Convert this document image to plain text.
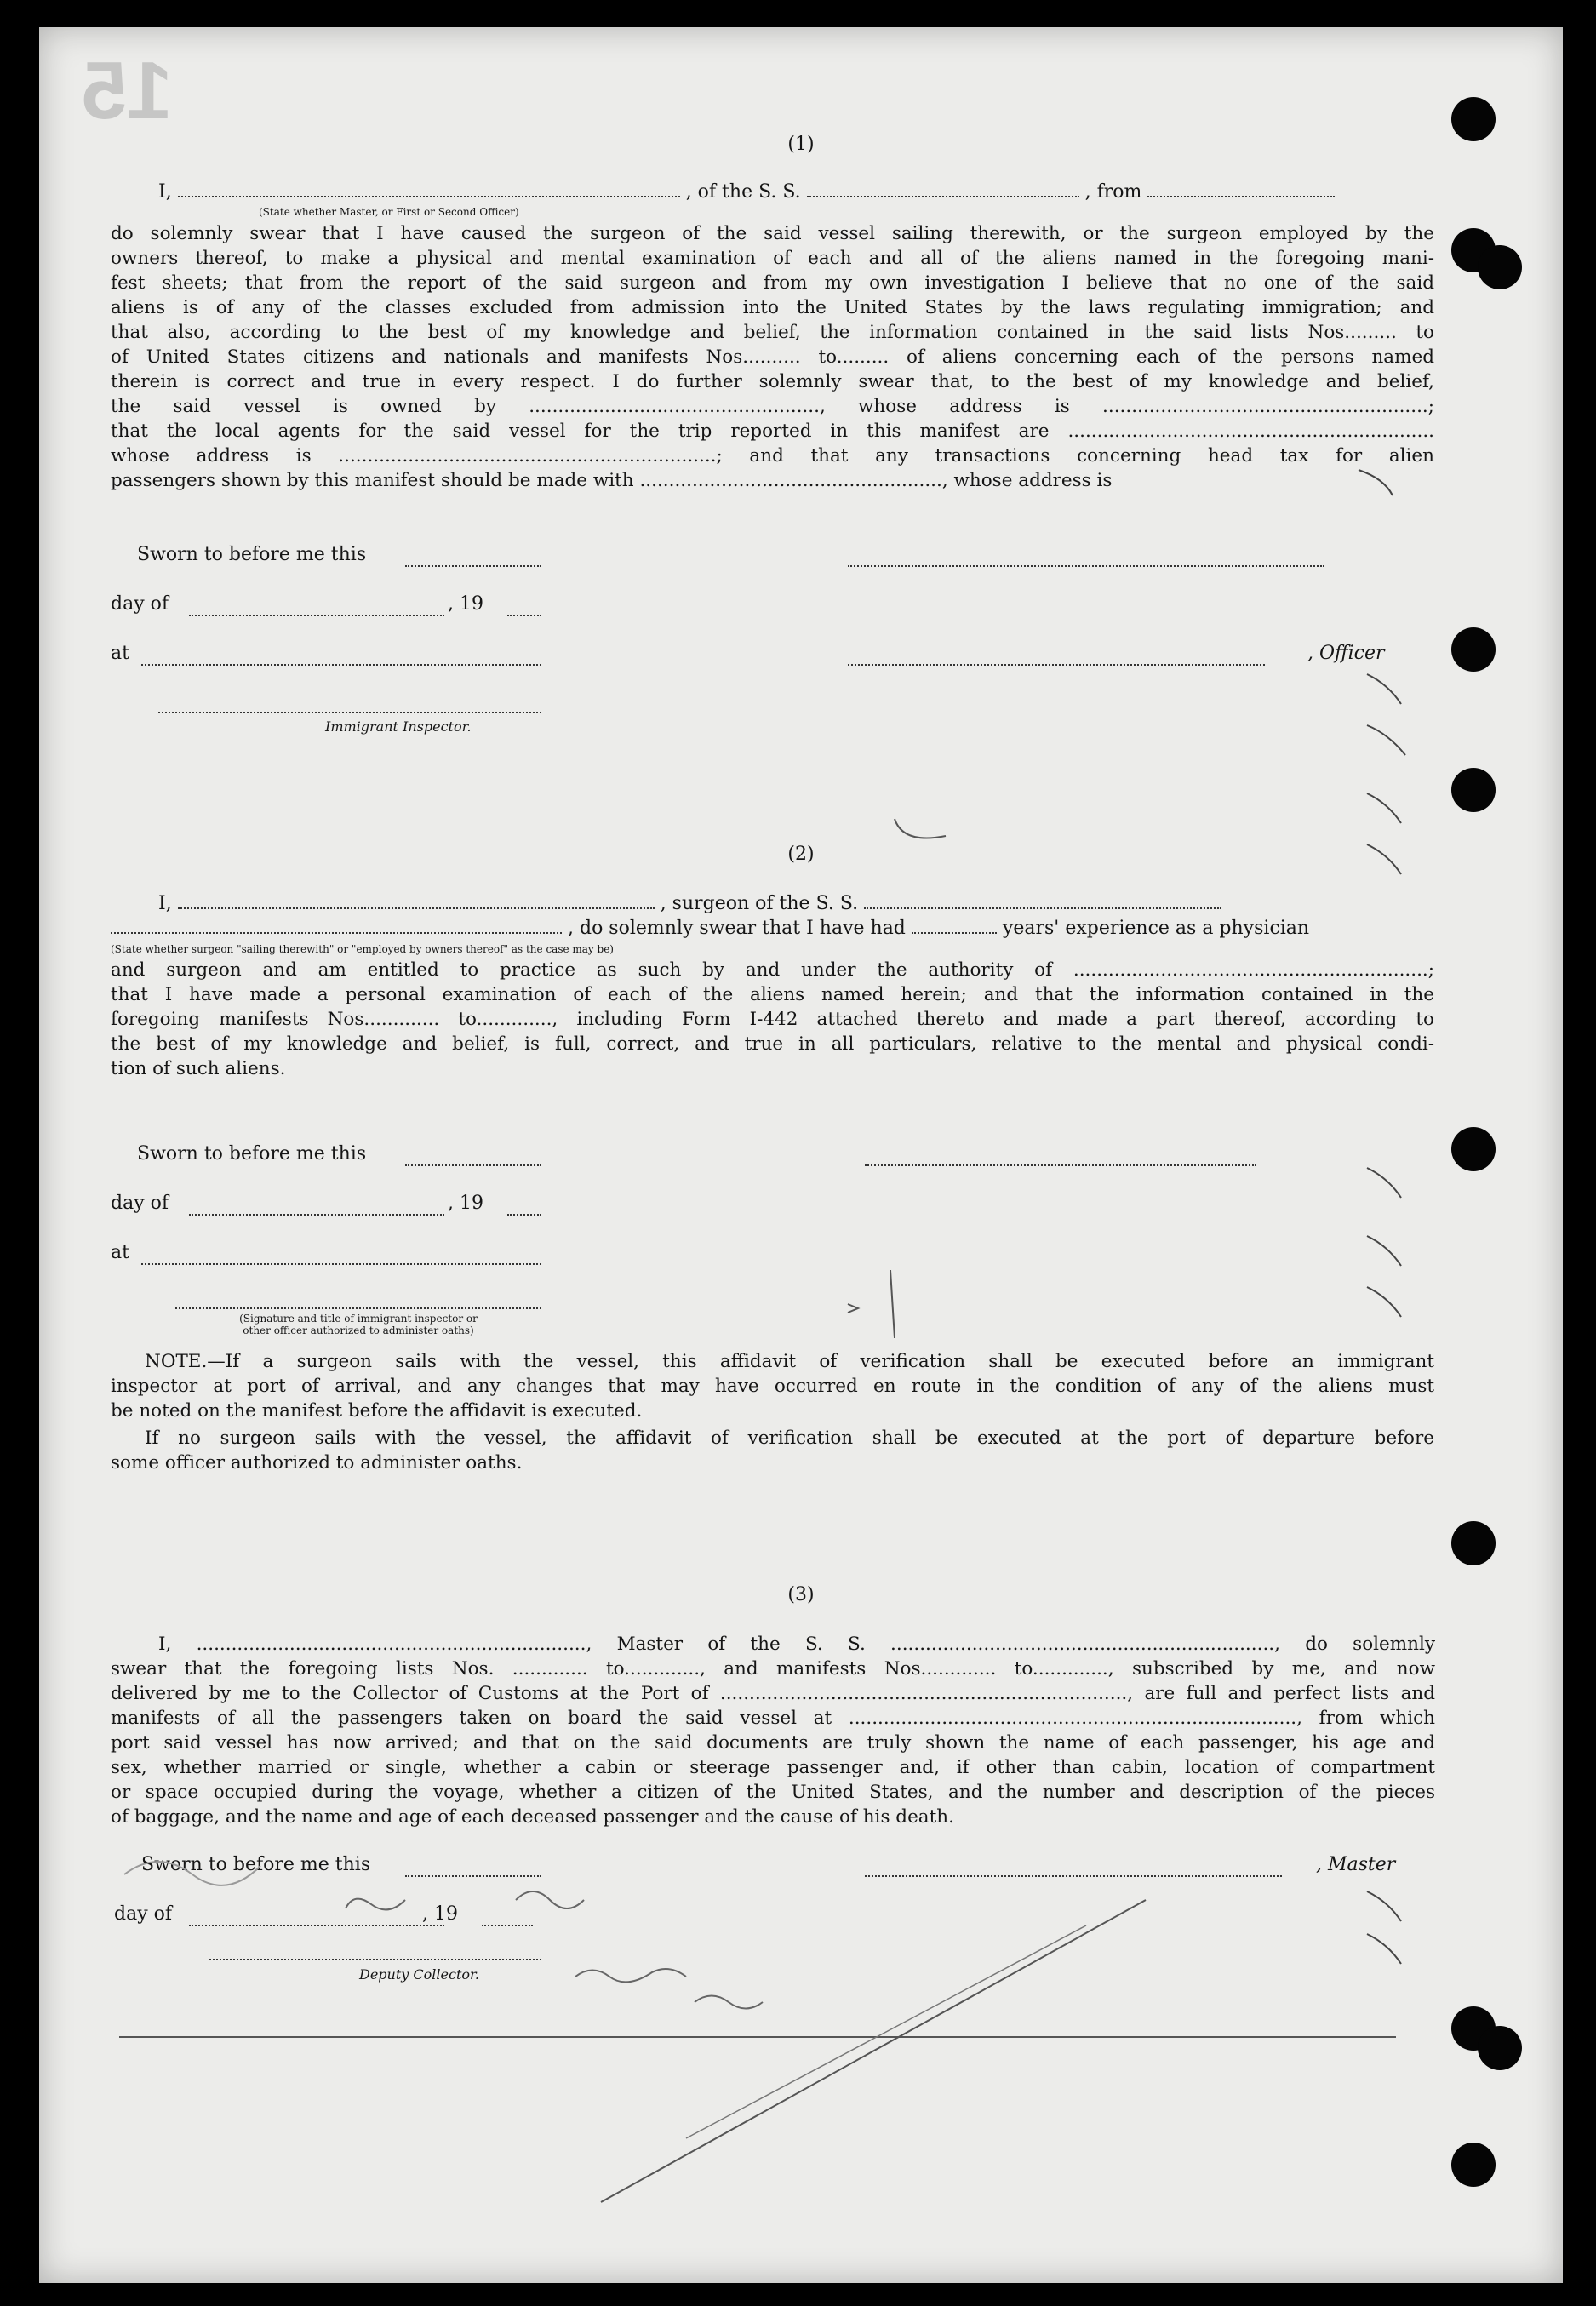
15
(1)
I,	, of the S. S.	, from
(State whether Master, or First or Second Officer)
do solemnly swear that I have caused the surgeon of the said vessel sailing therewith, or the surgeon employed by the
owners thereof, to make a physical and mental examination of each and all of the aliens named in the foregoing mani-
fest sheets; that from the report of the said surgeon and from my own investigation I believe that no one of the said
aliens is of any of the classes excluded from admission into the United States by the laws regulating immigration; and
that also, according to the best of my knowledge and belief, the information contained in the said lists Nos......... to
of United States citizens and nationals and manifests Nos.......... to......... of aliens concerning each of the persons named
therein is correct and true in every respect. I do further solemnly swear that, to the best of my knowledge and belief,
the said vessel is owned by .................................................., whose address is ........................................................;
that the local agents for the said vessel for the trip reported in this manifest are ...............................................................
whose address is .................................................................; and that any transactions concerning head tax for alien
passengers shown by this manifest should be made with ...................................................., whose address is
Sworn to before me this
day of	, 19
at	, Officer
Immigrant Inspector.
(2)
I,	, surgeon of the S. S.
, do solemnly swear that I have had	years' experience as a physician
(State whether surgeon "sailing therewith" or "employed by owners thereof" as the case may be)
and surgeon and am entitled to practice as such by and under the authority of .............................................................;
that I have made a personal examination of each of the aliens named herein; and that the information contained in the
foregoing manifests Nos............. to............., including Form I-442 attached thereto and made a part thereof, according to
the best of my knowledge and belief, is full, correct, and true in all particulars, relative to the mental and physical condi-
tion of such aliens.
Sworn to before me this
day of	, 19
at
(Signature and title of immigrant inspector or
other officer authorized to administer oaths)
NOTE.—If a surgeon sails with the vessel, this affidavit of verification shall be executed before an immigrant
inspector at port of arrival, and any changes that may have occurred en route in the condition of any of the aliens must
be noted on the manifest before the affidavit is executed.
If no surgeon sails with the vessel, the affidavit of verification shall be executed at the port of departure before
some officer authorized to administer oaths.
(3)
I, ..................................................................., Master of the S. S. .................................................................., do solemnly
swear that the foregoing lists Nos. ............. to............., and manifests Nos............. to............., subscribed by me, and now
delivered by me to the Collector of Customs at the Port of ......................................................................, are full and perfect lists and
manifests of all the passengers taken on board the said vessel at ............................................................................., from which
port said vessel has now arrived; and that on the said documents are truly shown the name of each passenger, his age and
sex, whether married or single, whether a cabin or steerage passenger and, if other than cabin, location of compartment
or space occupied during the voyage, whether a citizen of the United States, and the number and description of the pieces
of baggage, and the name and age of each deceased passenger and the cause of his death.
Sworn to before me this	, Master
day of	, 19
Deputy Collector.
